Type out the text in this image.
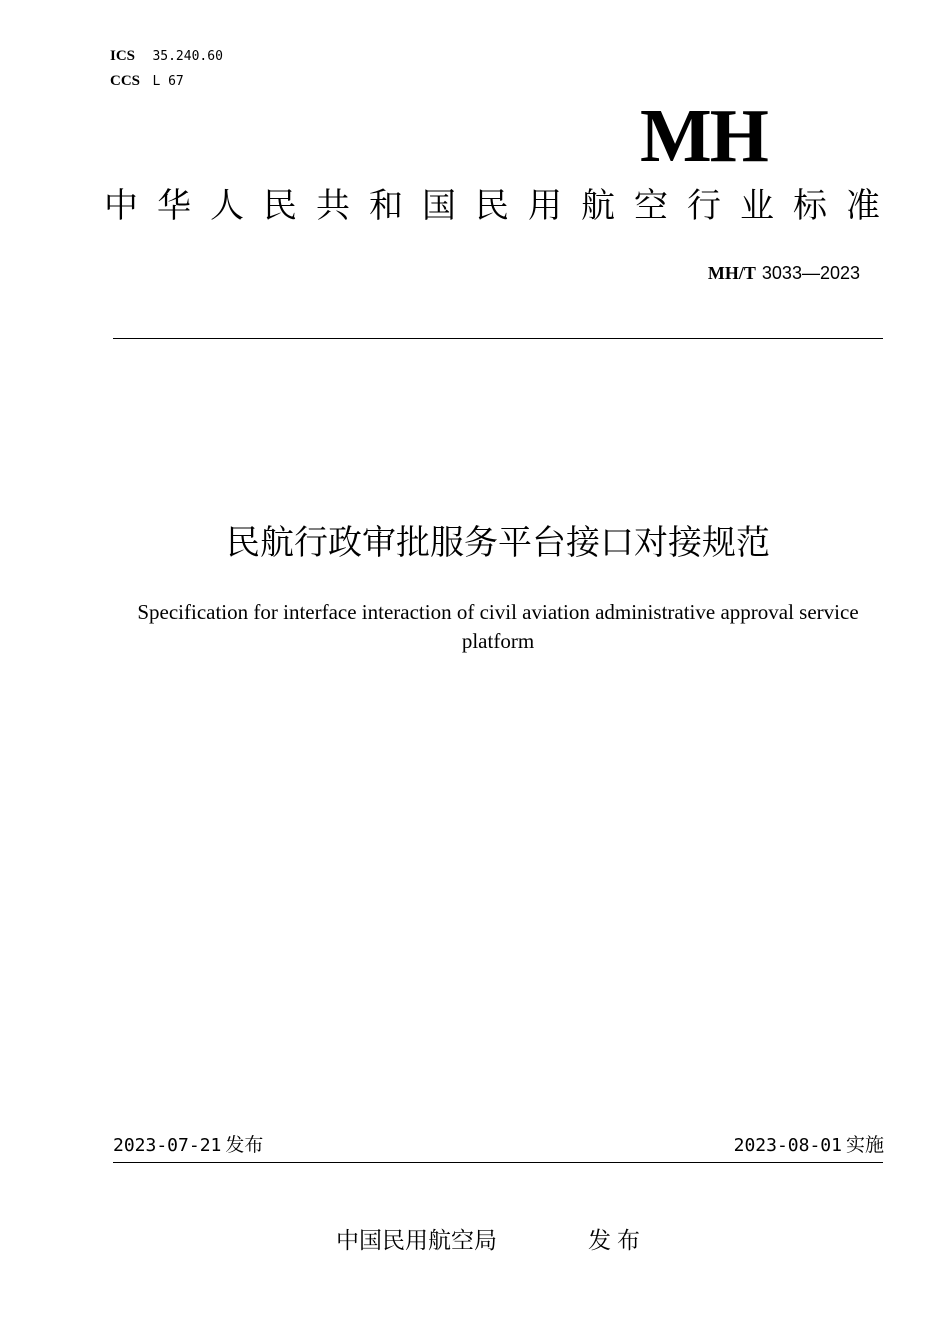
ICS 35.240.60
CCS L 67
MH
中华人民共和国民用航空行业标准
MH/T 3033—2023
民航行政审批服务平台接口对接规范
Specification for interface interaction of civil aviation administrative approval service
platform
2023-07-21 发布	2023-08-01 实施
中国民用航空局	发布
